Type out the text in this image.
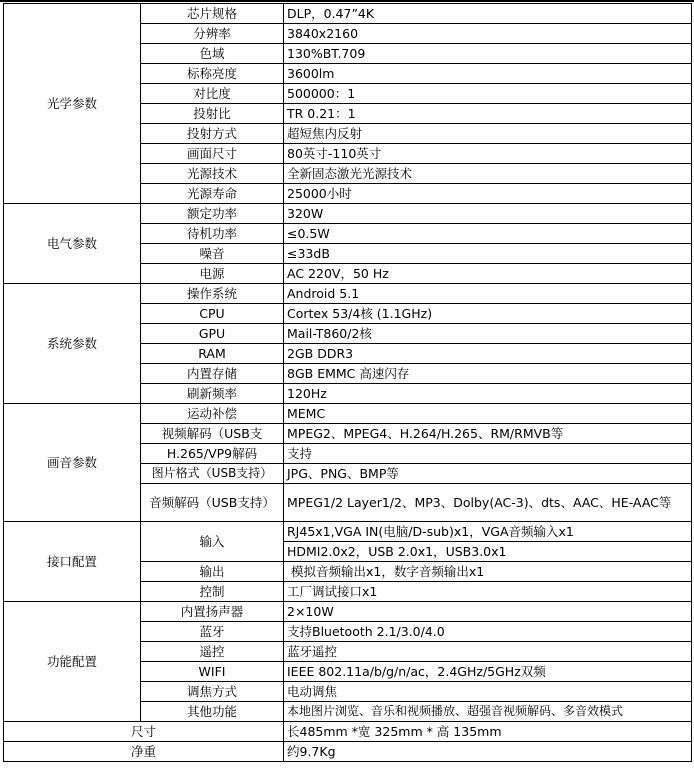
光学参数	芯片规格	DLP，0.47”4K
	分辨率	3840x2160
	色域	130%BT.709
	标称亮度	3600lm
	对比度	500000：1
	投射比	TR 0.21：1
	投射方式	超短焦内反射
	画面尺寸	80英寸-110英寸
	光源技术	全新固态激光光源技术
	光源寿命	25000小时
电气参数	额定功率	320W
	待机功率	≤0.5W
	噪音	≤33dB
	电源	AC 220V，50 Hz
系统参数	操作系统	Android 5.1
	CPU	Cortex 53/4核 (1.1GHz)
	GPU	Mail-T860/2核
	RAM	2GB DDR3
	内置存储	8GB EMMC 高速闪存
	刷新频率	120Hz
画音参数	运动补偿	MEMC
	视频解码（USB支	MPEG2、MPEG4、H.264/H.265、RM/RMVB等
	H.265/VP9解码	支持
	图片格式（USB支持）	JPG、PNG、BMP等
	音频解码（USB支持）	MPEG1/2 Layer1/2、MP3、Dolby(AC-3)、dts、AAC、HE-AAC等
接口配置	输入	RJ45x1,VGA IN(电脑/D-sub)x1，VGA音频输入x1
		HDMI2.0x2，USB 2.0x1，USB3.0x1
	输出	模拟音频输出x1，数字音频输出x1
	控制	工厂调试接口x1
功能配置	内置扬声器	2×10W
	蓝牙	支持Bluetooth 2.1/3.0/4.0
	遥控	蓝牙遥控
	WIFI	IEEE 802.11a/b/g/n/ac，2.4GHz/5GHz双频
	调焦方式	电动调焦
	其他功能	本地图片浏览、音乐和视频播放、超强音视频解码、多音效模式
尺寸		长485mm *宽 325mm * 高 135mm
净重		约9.7Kg
